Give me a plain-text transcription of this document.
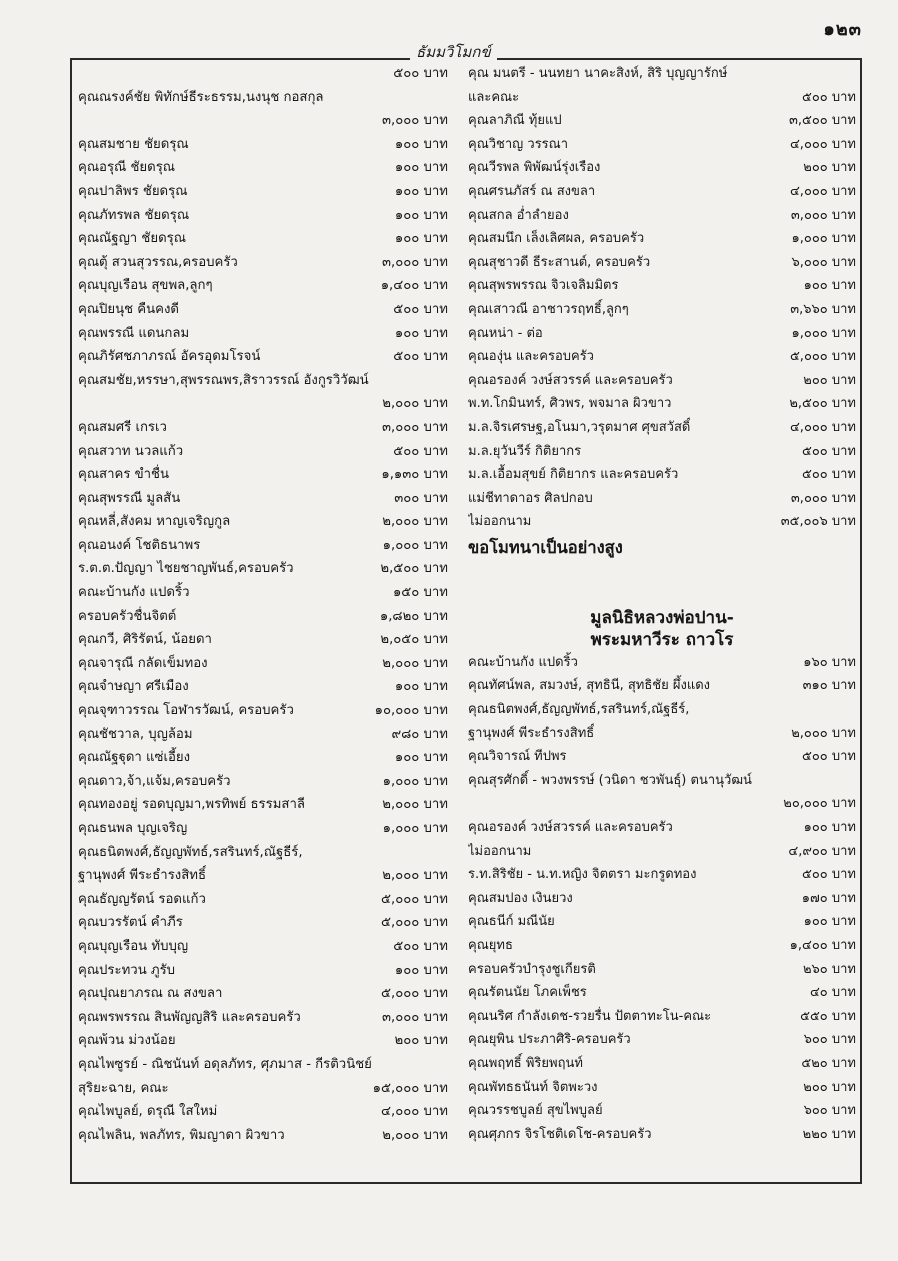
๑๒๓
ธัมมวิโมกข์
๕๐๐ บาท
คุณณรงค์ชัย พิทักษ์ธีระธรรม,นงนุช กอสกุล
๓,๐๐๐ บาท
คุณสมชาย ชัยดรุณ	๑๐๐ บาท
คุณอรุณี ชัยดรุณ	๑๐๐ บาท
คุณปาลิพร ชัยดรุณ	๑๐๐ บาท
คุณภัทรพล ชัยดรุณ	๑๐๐ บาท
คุณณัฐญา ชัยดรุณ	๑๐๐ บาท
คุณตุ้ สวนสุวรรณ,ครอบครัว	๓,๐๐๐ บาท
คุณบุญเรือน สุขพล,ลูกๆ	๑,๔๐๐ บาท
คุณปิยนุช คืนคงดี	๕๐๐ บาท
คุณพรรณี แดนกลม	๑๐๐ บาท
คุณภิรัศชภาภรณ์ อัครอุดมโรจน์	๕๐๐ บาท
คุณสมชัย,หรรษา,สุพรรณพร,สิราวรรณ์ อังกูรวิวัฒน์
๒,๐๐๐ บาท
คุณสมศรี เกรเว	๓,๐๐๐ บาท
คุณสวาท นวลแก้ว	๕๐๐ บาท
คุณสาคร ขำชื่น	๑,๑๓๐ บาท
คุณสุพรรณี มูลสัน	๓๐๐ บาท
คุณหลี่,สังคม หาญเจริญกูล	๒,๐๐๐ บาท
คุณอนงค์ โชติธนาพร	๑,๐๐๐ บาท
ร.ต.ต.ปัญญา ไชยชาญพันธ์,ครอบครัว	๒,๕๐๐ บาท
คณะบ้านกัง แปดริ้ว	๑๕๐ บาท
ครอบครัวชื่นจิตต์	๑,๘๒๐ บาท
คุณกวี, ศิริรัตน์, น้อยดา	๒,๐๕๐ บาท
คุณจารุณี กลัดเข็มทอง	๒,๐๐๐ บาท
คุณจำษญา ศรีเมือง	๑๐๐ บาท
คุณจุฑาวรรณ โอฬารวัฒน์, ครอบครัว	๑๐,๐๐๐ บาท
คุณชัชวาล, บุญล้อม	๙๘๐ บาท
คุณณัฐฐุดา แซ่เอี้ยง	๑๐๐ บาท
คุณดาว,จ้า,แจ้ม,ครอบครัว	๑,๐๐๐ บาท
คุณทองอยู่ รอดบุญมา,พรทิพย์ ธรรมสาลี	๒,๐๐๐ บาท
คุณธนพล บุญเจริญ	๑,๐๐๐ บาท
คุณธนิตพงศ์,ธัญญพัทธ์,รสรินทร์,ณัฐธีร์,
ฐานุพงศ์ พีระธำรงสิทธิ์	๒,๐๐๐ บาท
คุณธัญญรัตน์ รอดแก้ว	๕,๐๐๐ บาท
คุณบวรรัตน์ คำภีร	๕,๐๐๐ บาท
คุณบุญเรือน ทับบุญ	๕๐๐ บาท
คุณประทวน ภูรับ	๑๐๐ บาท
คุณปุณยาภรณ ณ สงขลา	๕,๐๐๐ บาท
คุณพรพรรณ สินพัญญสิริ และครอบครัว	๓,๐๐๐ บาท
คุณพ้วน ม่วงน้อย	๒๐๐ บาท
คุณไพซูรย์ - ณิชนันท์ อดุลภัทร, ศุภมาส - กีรติวนิชย์
สุริยะฉาย, คณะ	๑๕,๐๐๐ บาท
คุณไพบูลย์, ดรุณี ใสใหม่	๔,๐๐๐ บาท
คุณไพลิน, พลภัทร, พิมญาดา ผิวขาว	๒,๐๐๐ บาท
คุณ มนตรี - นนทยา นาคะสิงห์, สิริ บุญญารักษ์
และคณะ	๕๐๐ บาท
คุณลาภิณี ทุ้ยแป	๓,๕๐๐ บาท
คุณวิชาญ วรรณา	๔,๐๐๐ บาท
คุณวีรพล พิพัฒน์รุ่งเรือง	๒๐๐ บาท
คุณศรนภัสร์ ณ สงขลา	๔,๐๐๐ บาท
คุณสกล อ่ำลำยอง	๓,๐๐๐ บาท
คุณสมนึก เล็งเลิศผล, ครอบครัว	๑,๐๐๐ บาท
คุณสุชาวดี ธีระสานต์, ครอบครัว	๖,๐๐๐ บาท
คุณสุพรพรรณ จิวเจลิมมิตร	๑๐๐ บาท
คุณเสาวณี อาชาวรฤทธิ์,ลูกๆ	๓,๖๖๐ บาท
คุณหน่า - ต่อ	๑,๐๐๐ บาท
คุณองุ่น และครอบครัว	๕,๐๐๐ บาท
คุณอรองค์ วงษ์สวรรค์ และครอบครัว	๒๐๐ บาท
พ.ท.โกมินทร์, ศิวพร, พจมาล ผิวขาว	๒,๕๐๐ บาท
ม.ล.จิรเศรษฐ,อโนมา,วรุตมาศ ศุขสวัสดิ์	๔,๐๐๐ บาท
ม.ล.ยุวันวีร์ กิติยากร	๕๐๐ บาท
ม.ล.เอื้อมสุขย์ กิติยากร และครอบครัว	๕๐๐ บาท
แม่ชีทาดาอร ศิลปกอบ	๓,๐๐๐ บาท
ไม่ออกนาม	๓๕,๐๐๖ บาท
ขอโมทนาเป็นอย่างสูง
มูลนิธิหลวงพ่อปาน-
พระมหาวีระ ถาวโร
คณะบ้านกัง แปดริ้ว	๑๖๐ บาท
คุณทัศน์พล, สมวงษ์, สุทธินี, สุทธิชัย ผึ้งแดง	๓๑๐ บาท
คุณธนิตพงศ์,ธัญญพัทธ์,รสรินทร์,ณัฐธีร์,
ฐานุพงศ์ พีระธำรงสิทธิ์	๒,๐๐๐ บาท
คุณวิจารณ์ ทีปพร	๕๐๐ บาท
คุณสุรศักดิ์ - พวงพรรษ์ (วนิดา ชวพันธุ์) ตนานุวัฒน์
๒๐,๐๐๐ บาท
คุณอรองค์ วงษ์สวรรค์ และครอบครัว	๑๐๐ บาท
ไม่ออกนาม	๔,๙๐๐ บาท
ร.ท.สิริชัย - น.ท.หญิง จิตตรา มะกรูดทอง	๕๐๐ บาท
คุณสมปอง เงินยวง	๑๗๐ บาท
คุณธนีก์ มณีนัย	๑๐๐ บาท
คุณยุทธ	๑,๔๐๐ บาท
ครอบครัวบำรุงชูเกียรติ	๒๖๐ บาท
คุณรัตนนัย โภคเพ็ชร	๔๐ บาท
คุณนริศ กำลังเดช-รวยรื่น ปัตตาทะโน-คณะ	๕๕๐ บาท
คุณยุพิน ประภาศิริ-ครอบครัว	๖๐๐ บาท
คุณพฤทธิ์ พิริยพฤนท์	๕๒๐ บาท
คุณพัทธธนันท์ จิตพะวง	๒๐๐ บาท
คุณวรรชบูลย์ สุขไพบูลย์	๖๐๐ บาท
คุณศุภกร จิรโชติเดโช-ครอบครัว	๒๒๐ บาท
